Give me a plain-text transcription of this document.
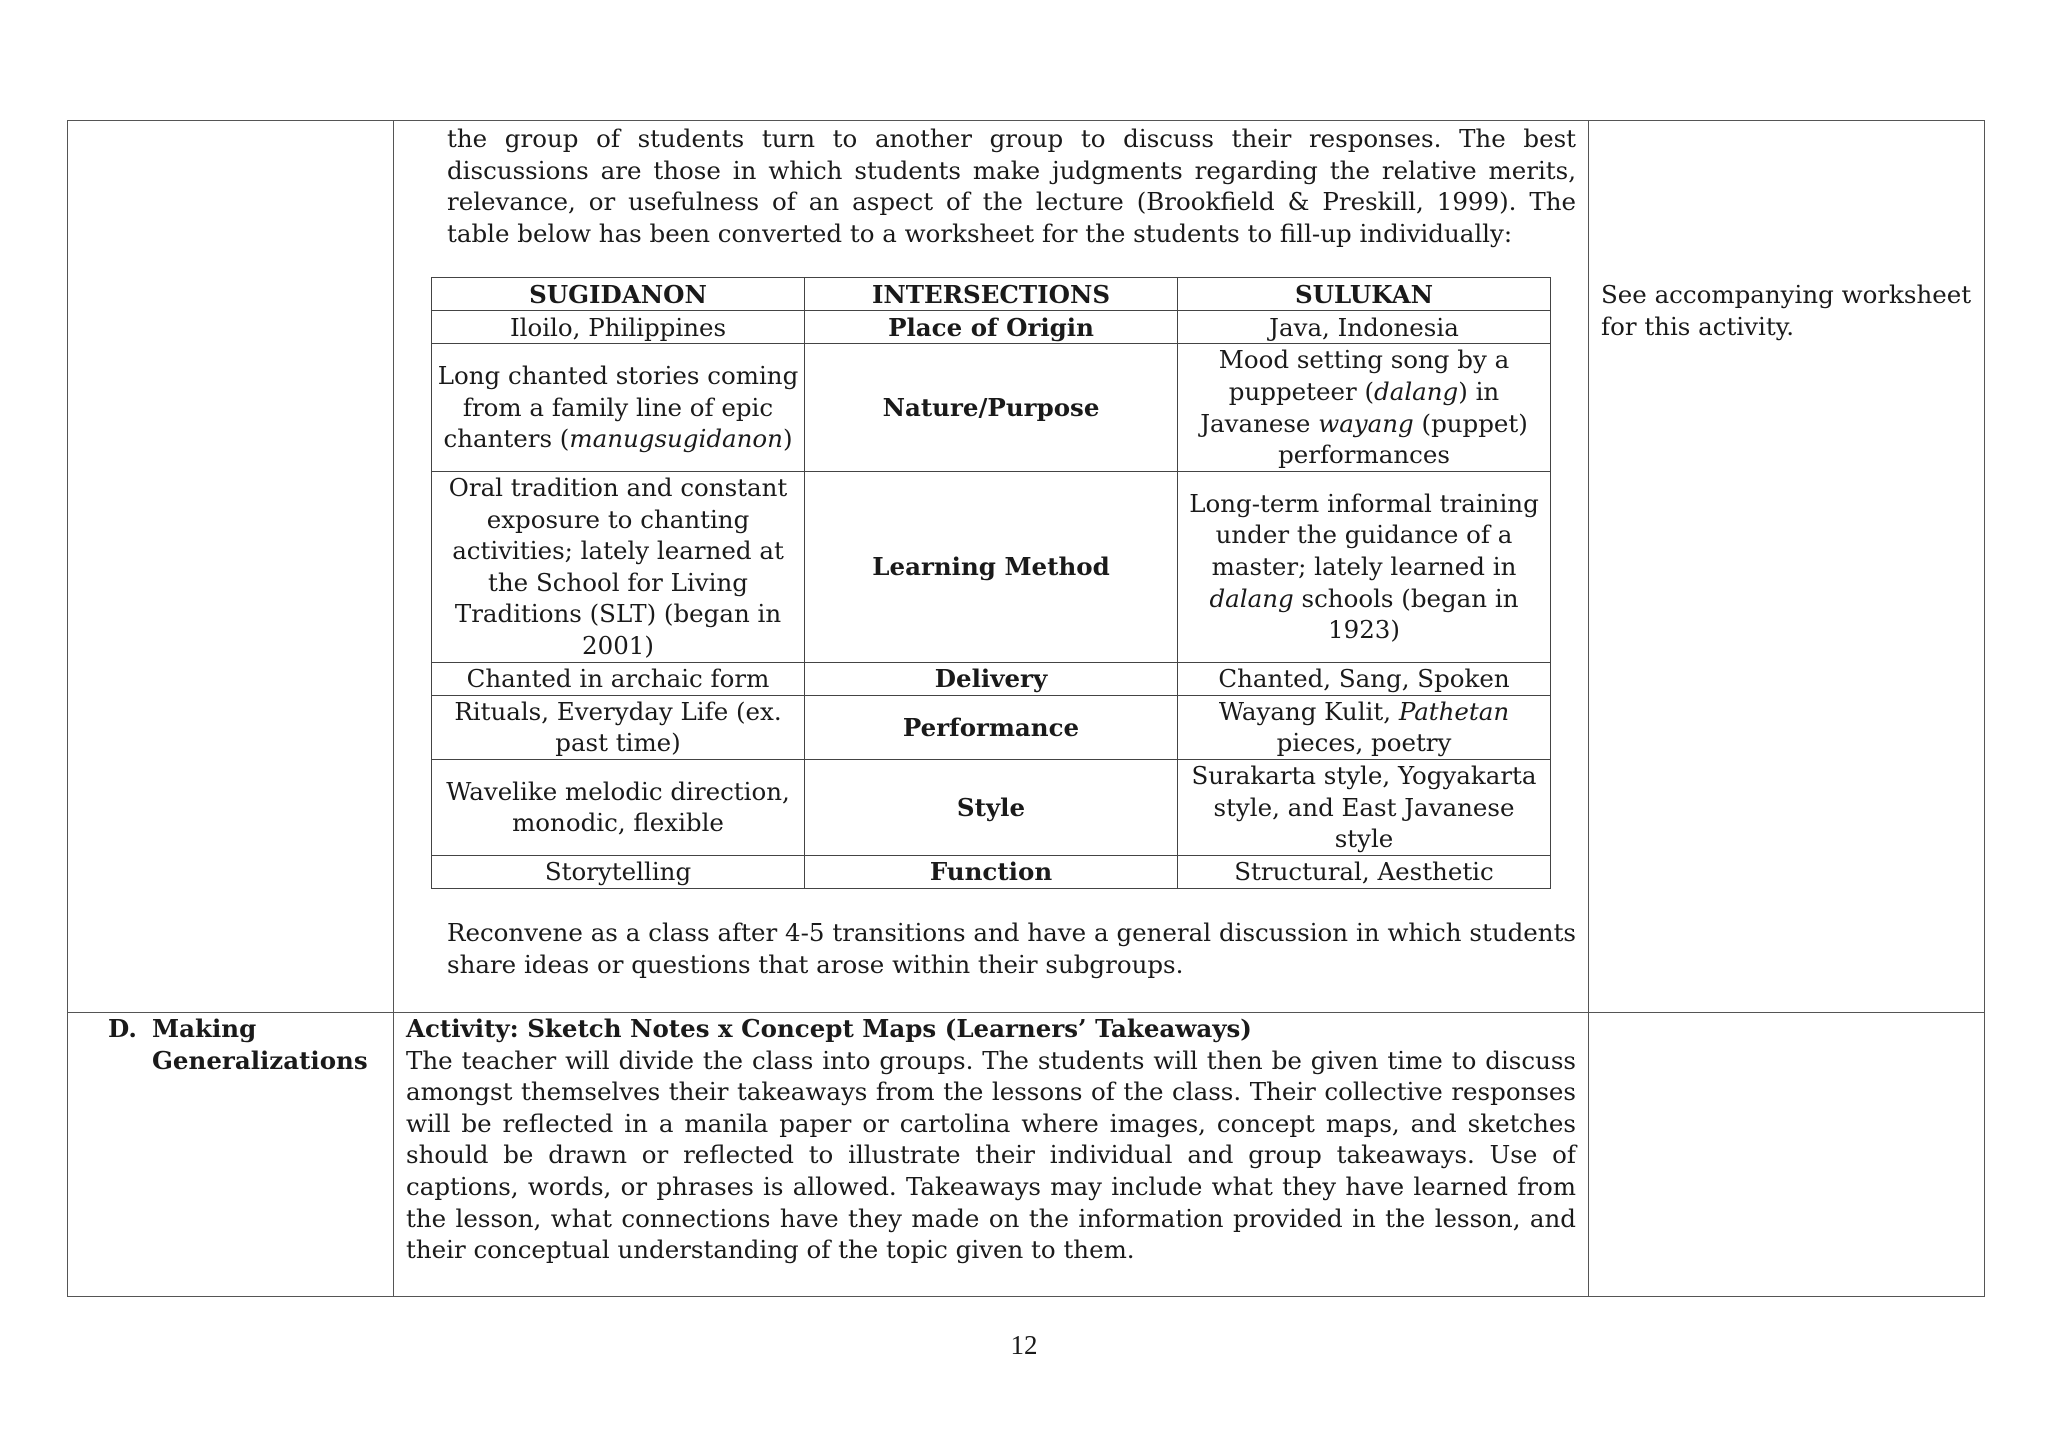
the group of students turn to another group to discuss their responses. The best discussions are those in which students make judgments regarding the relative merits, relevance, or usefulness of an aspect of the lecture (Brookfield & Preskill, 1999). The table below has been converted to a worksheet for the students to fill-up individually:
SUGIDANON	INTERSECTIONS	SULUKAN
Iloilo, Philippines	Place of Origin	Java, Indonesia
Long chanted stories coming from a family line of epic chanters (manugsugidanon)	Nature/Purpose	Mood setting song by a puppeteer (dalang) in Javanese wayang (puppet) performances
Oral tradition and constant exposure to chanting activities; lately learned at the School for Living Traditions (SLT) (began in 2001)	Learning Method	Long-term informal training under the guidance of a master; lately learned in dalang schools (began in 1923)
Chanted in archaic form	Delivery	Chanted, Sang, Spoken
Rituals, Everyday Life (ex. past time)	Performance	Wayang Kulit, Pathetan pieces, poetry
Wavelike melodic direction, monodic, flexible	Style	Surakarta style, Yogyakarta style, and East Javanese style
Storytelling	Function	Structural, Aesthetic
Reconvene as a class after 4-5 transitions and have a general discussion in which students share ideas or questions that arose within their subgroups.

See accompanying worksheet for this activity.

D. Making
Generalizations

Activity: Sketch Notes x Concept Maps (Learners’ Takeaways)
The teacher will divide the class into groups. The students will then be given time to discuss amongst themselves their takeaways from the lessons of the class. Their collective responses will be reflected in a manila paper or cartolina where images, concept maps, and sketches should be drawn or reflected to illustrate their individual and group takeaways. Use of captions, words, or phrases is allowed. Takeaways may include what they have learned from the lesson, what connections have they made on the information provided in the lesson, and their conceptual understanding of the topic given to them.

12
